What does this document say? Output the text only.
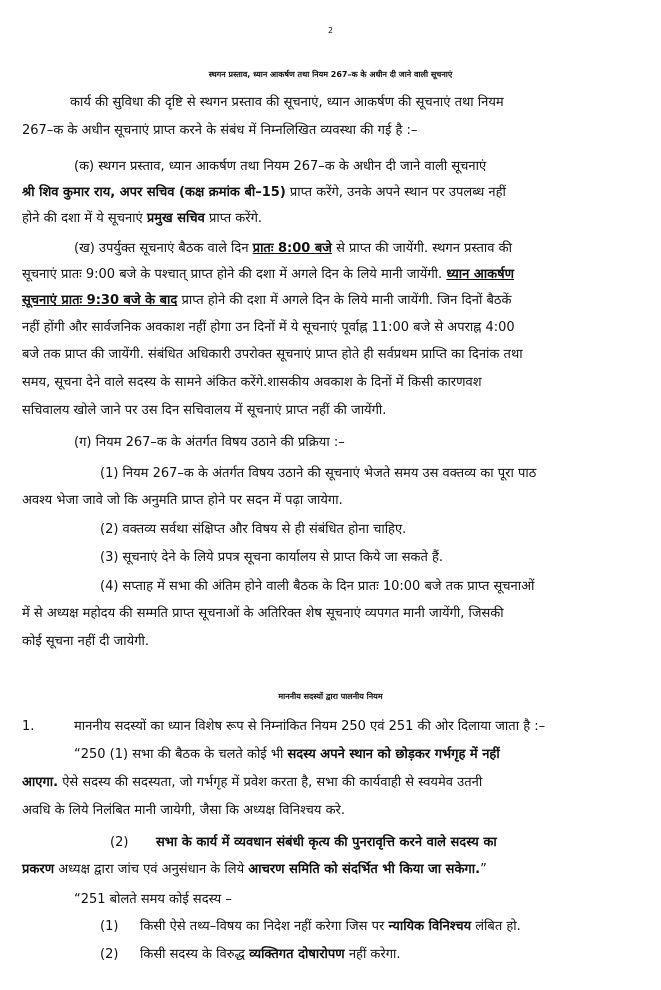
2
स्थगन प्रस्ताव, ध्यान आकर्षण तथा नियम 267–क के अधीन दी जाने वाली सूचनाएं
कार्य की सुविधा की दृष्टि से स्थगन प्रस्ताव की सूचनाएं, ध्यान आकर्षण की सूचनाएं तथा नियम
267–क के अधीन सूचनाएं प्राप्त करने के संबंध में निम्नलिखित व्यवस्था की गई है :–
(क) स्थगन प्रस्ताव, ध्यान आकर्षण तथा नियम 267–क के अधीन दी जाने वाली सूचनाएं
श्री शिव कुमार राय, अपर सचिव (कक्ष क्रमांक बी–15) प्राप्त करेंगे, उनके अपने स्थान पर उपलब्ध नहीं
होने की दशा में ये सूचनाएं प्रमुख सचिव प्राप्त करेंगे.
(ख) उपर्युक्त सूचनाएं बैठक वाले दिन प्रातः 8:00 बजे से प्राप्त की जायेंगी. स्थगन प्रस्ताव की
सूचनाएं प्रातः 9:00 बजे के पश्चात् प्राप्त होने की दशा में अगले दिन के लिये मानी जायेंगी. ध्यान आकर्षण
सूचनाएं प्रातः 9:30 बजे के बाद प्राप्त होने की दशा में अगले दिन के लिये मानी जायेंगी. जिन दिनों बैठकें
नहीं होंगी और सार्वजनिक अवकाश नहीं होगा उन दिनों में ये सूचनाएं पूर्वाह्न 11:00 बजे से अपराह्न 4:00
बजे तक प्राप्त की जायेंगी. संबंधित अधिकारी उपरोक्त सूचनाएं प्राप्त होते ही सर्वप्रथम प्राप्ति का दिनांक तथा
समय, सूचना देने वाले सदस्य के सामने अंकित करेंगे.शासकीय अवकाश के दिनों में किसी कारणवश
सचिवालय खोले जाने पर उस दिन सचिवालय में सूचनाएं प्राप्त नहीं की जायेंगी.
(ग) नियम 267–क के अंतर्गत विषय उठाने की प्रक्रिया :–
(1) नियम 267–क के अंतर्गत विषय उठाने की सूचनाएं भेजते समय उस वक्तव्य का पूरा पाठ
अवश्य भेजा जावे जो कि अनुमति प्राप्त होने पर सदन में पढ़ा जायेगा.
(2) वक्तव्य सर्वथा संक्षिप्त और विषय से ही संबंधित होना चाहिए.
(3) सूचनाएं देने के लिये प्रपत्र सूचना कार्यालय से प्राप्त किये जा सकते हैं.
(4) सप्ताह में सभा की अंतिम होने वाली बैठक के दिन प्रातः 10:00 बजे तक प्राप्त सूचनाओं
में से अध्यक्ष महोदय की सम्मति प्राप्त सूचनाओं के अतिरिक्त शेष सूचनाएं व्यपगत मानी जायेंगी, जिसकी
कोई सूचना नहीं दी जायेगी.
माननीय सदस्यों द्वारा पालनीय नियम
1.	माननीय सदस्यों का ध्यान विशेष रूप से निम्नांकित नियम 250 एवं 251 की ओर दिलाया जाता है :–
“250 (1) सभा की बैठक के चलते कोई भी सदस्य अपने स्थान को छोड़कर गर्भगृह में नहीं
आएगा. ऐसे सदस्य की सदस्यता, जो गर्भगृह में प्रवेश करता है, सभा की कार्यवाही से स्वयमेव उतनी
अवधि के लिये निलंबित मानी जायेगी, जैसा कि अध्यक्ष विनिश्चय करे.
(2) सभा के कार्य में व्यवधान संबंधी कृत्य की पुनरावृत्ति करने वाले सदस्य का
प्रकरण अध्यक्ष द्वारा जांच एवं अनुसंधान के लिये आचरण समिति को संदर्भित भी किया जा सकेगा.”
“251 बोलते समय कोई सदस्य –
(1) किसी ऐसे तथ्य–विषय का निदेश नहीं करेगा जिस पर न्यायिक विनिश्चय लंबित हो.
(2) किसी सदस्य के विरुद्ध व्यक्तिगत दोषारोपण नहीं करेगा.
